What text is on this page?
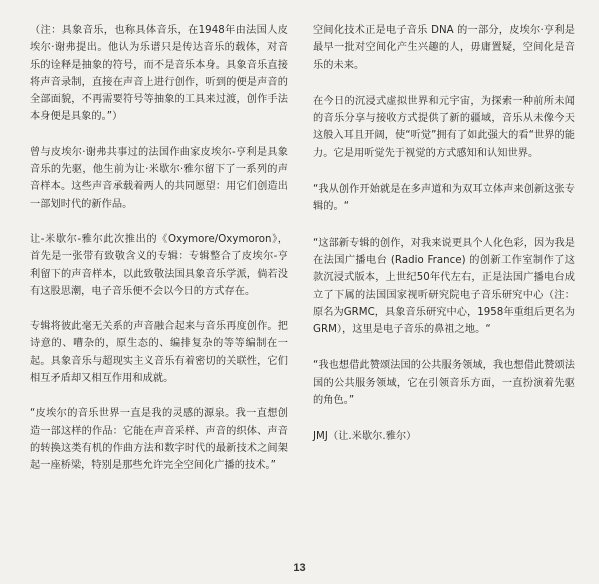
（注：具象音乐，也称具体音乐，在1948年由法国人皮埃尔·谢弗提出。他认为乐谱只是传达音乐的载体，对音乐的诠释是抽象的符号，而不是音乐本身。具象音乐直接将声音录制，直接在声音上进行创作，听到的便是声音的全部面貌，不再需要符号等抽象的工具来过渡，创作手法本身便是具象的。”）

曾与皮埃尔·谢弗共事过的法国作曲家皮埃尔-亨利是具象音乐的先驱，他生前为让·米歇尔·雅尔留下了一系列的声音样本。这些声音承载着两人的共同愿望：用它们创造出一部划时代的新作品。

让-米歇尔-雅尔此次推出的《Oxymore/Oxymoron》，首先是一张带有致敬含义的专辑：专辑整合了皮埃尔-亨利留下的声音样本，以此致敬法国具象音乐学派，倘若没有这股思潮，电子音乐便不会以今日的方式存在。

专辑将彼此毫无关系的声音融合起来与音乐再度创作。把诗意的、嘈杂的，原生态的、编排复杂的等等编制在一起。具象音乐与超现实主义音乐有着密切的关联性，它们相互矛盾却又相互作用和成就。

“皮埃尔的音乐世界一直是我的灵感的源泉。我一直想创造一部这样的作品：它能在声音采样、声音的织体、声音的转换这类有机的作曲方法和数字时代的最新技术之间架起一座桥梁，特别是那些允许完全空间化广播的技术。”

空间化技术正是电子音乐 DNA 的一部分，皮埃尔·亨利是最早一批对空间化产生兴趣的人，毋庸置疑，空间化是音乐的未来。

在今日的沉浸式虚拟世界和元宇宙，为探索一种前所未闻的音乐分享与接收方式提供了新的疆域，音乐从未像今天这般入耳且开阔，使“听觉”拥有了如此强大的看“世界的能力。它是用听觉先于视觉的方式感知和认知世界。

“我从创作开始就是在多声道和为双耳立体声来创新这张专辑的。“

“这部新专辑的创作，对我来说更具个人化色彩，因为我是在法国广播电台 (Radio France) 的创新工作室制作了这款沉浸式版本，上世纪50年代左右，正是法国广播电台成立了下属的法国国家视听研究院电子音乐研究中心（注：原名为GRMC，具象音乐研究中心，1958年重组后更名为GRM），这里是电子音乐的鼻祖之地。“

“我也想借此赞颂法国的公共服务领域，我也想借此赞颂法国的公共服务领域，它在引领音乐方面，一直扮演着先驱的角色。”

JMJ（让.米歇尔.雅尔）

13
